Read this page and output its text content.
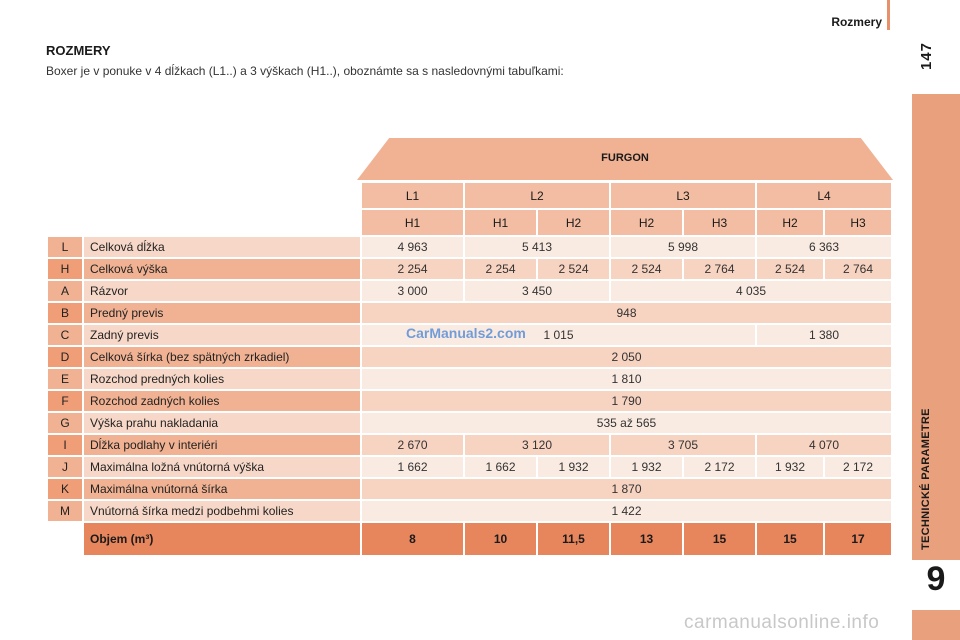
Rozmery
147
TECHNICKÉ PARAMETRE
9
ROZMERY
Boxer je v ponuke v 4 dĺžkach (L1..) a 3 výškach (H1..), oboznámte sa s nasledovnými tabuľkami:
FURGON
		L1	L2		L3		L4	
		H1	H1	H2	H2	H3	H2	H3
L	Celková dĺžka	4 963	5 413		5 998		6 363	
H	Celková výška	2 254	2 254	2 524	2 524	2 764	2 524	2 764
A	Rázvor	3 000	3 450		4 035			
B	Predný previs	948						
C	Zadný previs	1 015					1 380	
D	Celková šírka (bez spätných zrkadiel)	2 050						
E	Rozchod predných kolies	1 810						
F	Rozchod zadných kolies	1 790						
G	Výška prahu nakladania	535 až 565						
I	Dĺžka podlahy v interiéri	2 670	3 120		3 705		4 070	
J	Maximálna ložná vnútorná výška	1 662	1 662	1 932	1 932	2 172	1 932	2 172
K	Maximálna vnútorná šírka	1 870						
M	Vnútorná šírka medzi podbehmi kolies	1 422						
	Objem (m³)	8	10	11,5	13	15	15	17
CarManuals2.com
carmanualsonline.info
